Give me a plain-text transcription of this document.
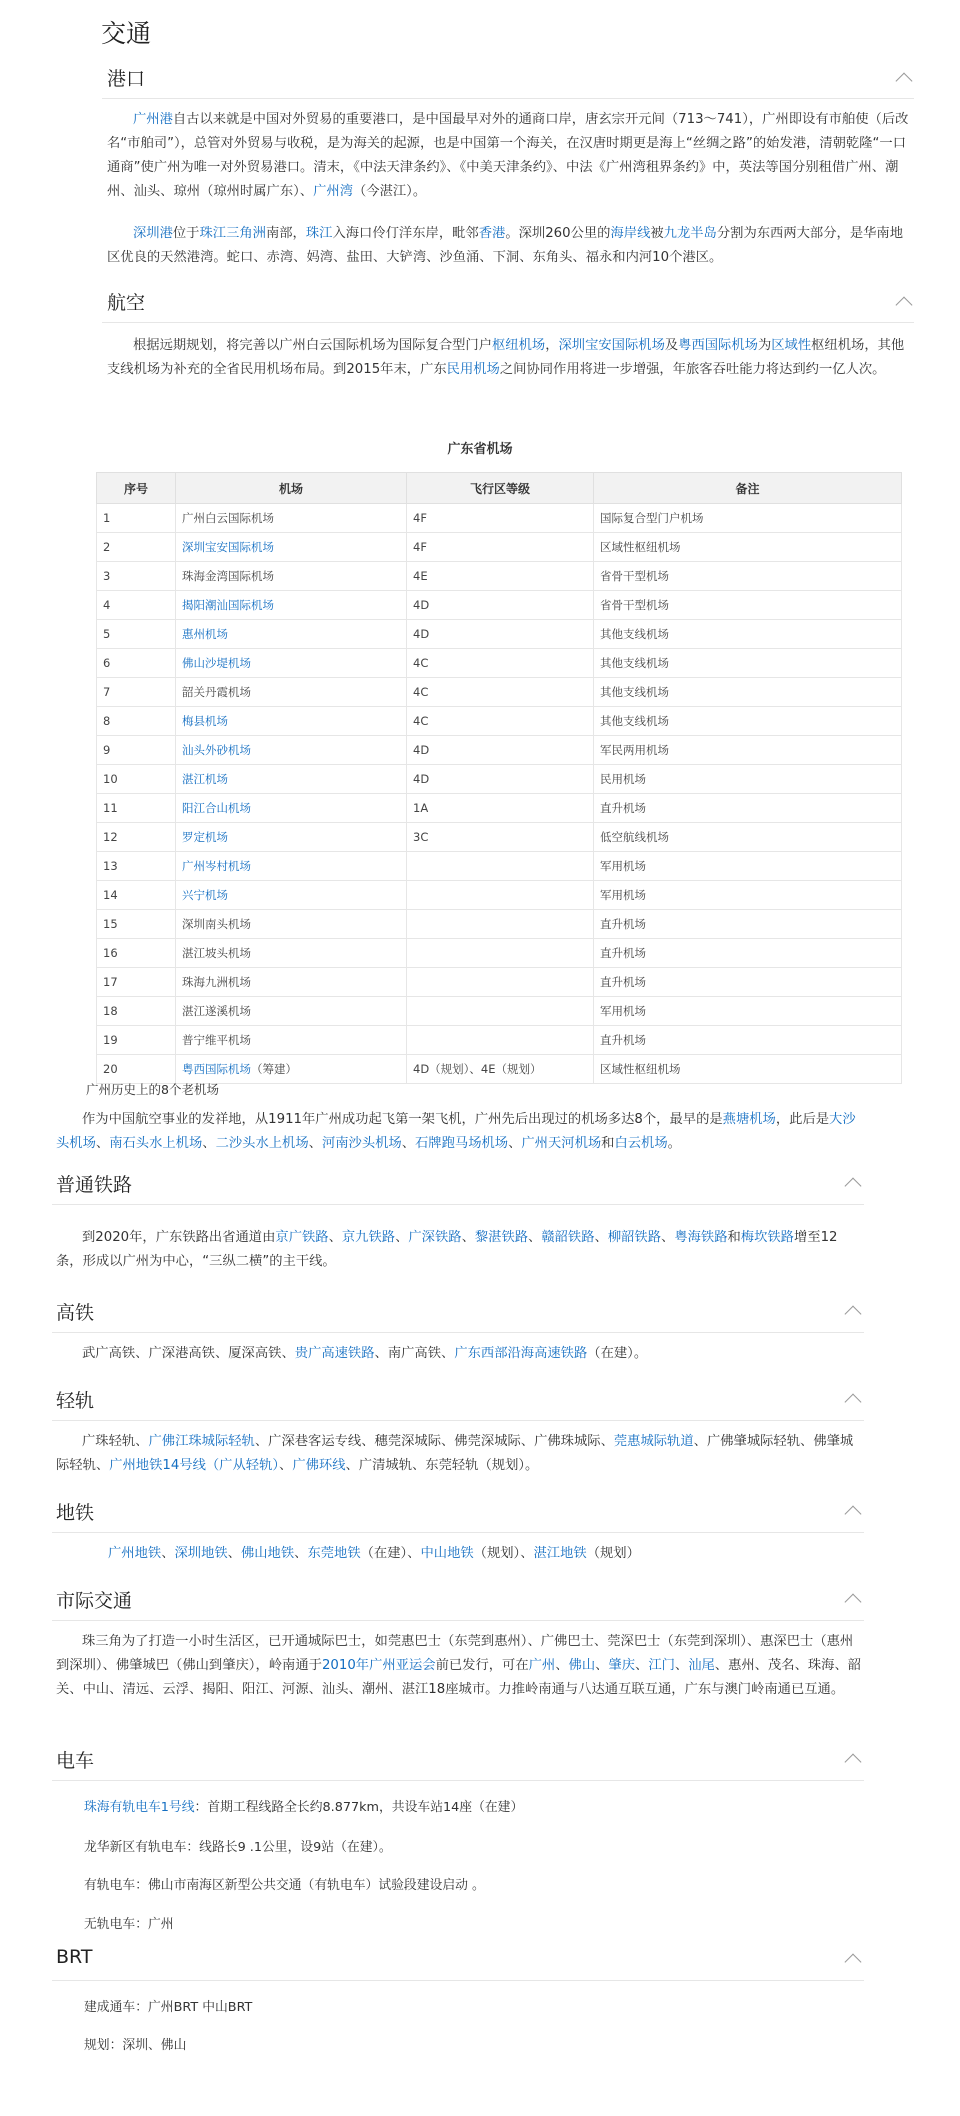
交通
港口

广州港自古以来就是中国对外贸易的重要港口，是中国最早对外的通商口岸，唐玄宗开元间（713～741），广州即设有市舶使（后改名“市舶司”），总管对外贸易与收税，是为海关的起源，也是中国第一个海关，在汉唐时期更是海上“丝绸之路”的始发港，清朝乾隆“一口通商”使广州为唯一对外贸易港口。清末，《中法天津条约》、《中美天津条约》、中法《广州湾租界条约》中，英法等国分别租借广州、潮州、汕头、琼州（琼州时属广东）、广州湾（今湛江）。

深圳港位于珠江三角洲南部，珠江入海口伶仃洋东岸，毗邻香港。深圳260公里的海岸线被九龙半岛分割为东西两大部分，是华南地区优良的天然港湾。蛇口、赤湾、妈湾、盐田、大铲湾、沙鱼涌、下洞、东角头、福永和内河10个港区。

航空

根据远期规划，将完善以广州白云国际机场为国际复合型门户枢纽机场，深圳宝安国际机场及粤西国际机场为区域性枢纽机场，其他支线机场为补充的全省民用机场布局。到2015年末，广东民用机场之间协同作用将进一步增强，年旅客吞吐能力将达到约一亿人次。

广东省机场
序号	机场	飞行区等级	备注
1	广州白云国际机场	4F	国际复合型门户机场
2	深圳宝安国际机场	4F	区域性枢纽机场
3	珠海金湾国际机场	4E	省骨干型机场
4	揭阳潮汕国际机场	4D	省骨干型机场
5	惠州机场	4D	其他支线机场
6	佛山沙堤机场	4C	其他支线机场
7	韶关丹霞机场	4C	其他支线机场
8	梅县机场	4C	其他支线机场
9	汕头外砂机场	4D	军民两用机场
10	湛江机场	4D	民用机场
11	阳江合山机场	1A	直升机场
12	罗定机场	3C	低空航线机场
13	广州岑村机场		军用机场
14	兴宁机场		军用机场
15	深圳南头机场		直升机场
16	湛江坡头机场		直升机场
17	珠海九洲机场		直升机场
18	湛江遂溪机场		军用机场
19	普宁维平机场		直升机场
20	粤西国际机场（筹建）	4D（规划）、4E（规划）	区域性枢纽机场
广州历史上的8个老机场

作为中国航空事业的发祥地，从1911年广州成功起飞第一架飞机，广州先后出现过的机场多达8个，最早的是燕塘机场，此后是大沙头机场、南石头水上机场、二沙头水上机场、河南沙头机场、石牌跑马场机场、广州天河机场和白云机场。

普通铁路

到2020年，广东铁路出省通道由京广铁路、京九铁路、广深铁路、黎湛铁路、赣韶铁路、柳韶铁路、粤海铁路和梅坎铁路增至12条，形成以广州为中心，“三纵二横”的主干线。

高铁

武广高铁、广深港高铁、厦深高铁、贵广高速铁路、南广高铁、广东西部沿海高速铁路（在建）。

轻轨

广珠轻轨、广佛江珠城际轻轨、广深巷客运专线、穗莞深城际、佛莞深城际、广佛珠城际、莞惠城际轨道、广佛肇城际轻轨、佛肇城际轻轨、广州地铁14号线（广从轻轨）、广佛环线、广清城轨、东莞轻轨（规划）。

地铁

广州地铁、深圳地铁、佛山地铁、东莞地铁（在建）、中山地铁（规划）、湛江地铁（规划）

市际交通

珠三角为了打造一小时生活区，已开通城际巴士，如莞惠巴士（东莞到惠州）、广佛巴士、莞深巴士（东莞到深圳）、惠深巴士（惠州到深圳）、佛肇城巴（佛山到肇庆），岭南通于2010年广州亚运会前已发行，可在广州、佛山、肇庆、江门、汕尾、惠州、茂名、珠海、韶关、中山、清远、云浮、揭阳、阳江、河源、汕头、潮州、湛江18座城市。力推岭南通与八达通互联互通，广东与澳门岭南通已互通。

电车
珠海有轨电车1号线：首期工程线路全长约8.877km，共设车站14座（在建）
龙华新区有轨电车：线路长9 .1公里，设9站（在建）。
有轨电车：佛山市南海区新型公共交通（有轨电车）试验段建设启动 。
无轨电车：广州
BRT
建成通车：广州BRT 中山BRT
规划：深圳、佛山
